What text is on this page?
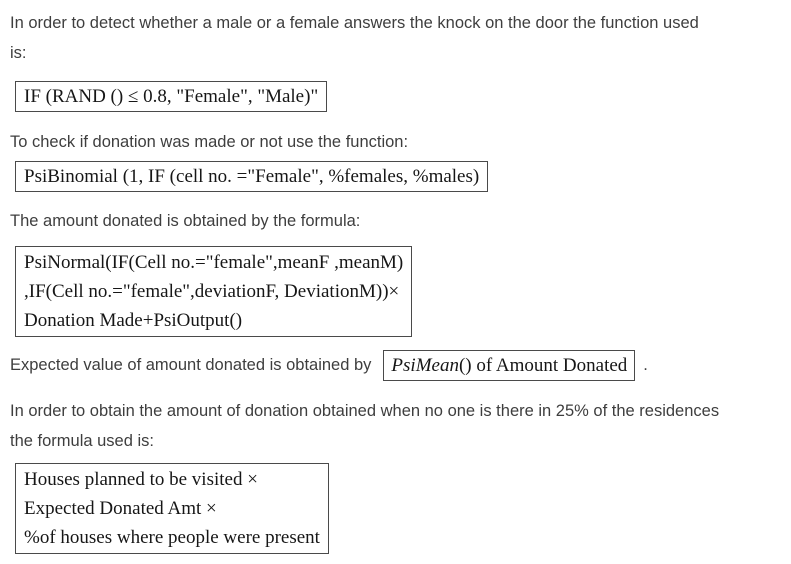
In order to detect whether a male or a female answers the knock on the door the function used
is:

IF (RAND () ≤ 0.8, "Female", "Male)"

To check if donation was made or not use the function:

PsiBinomial (1, IF (cell no. ="Female", %females, %males)

The amount donated is obtained by the formula:

PsiNormal(IF(Cell no.="female",meanF ,meanM)
,IF(Cell no.="female",deviationF, DeviationM))×
Donation Made+PsiOutput()

Expected value of amount donated is obtained by PsiMean() of Amount Donated .

In order to obtain the amount of donation obtained when no one is there in 25% of the residences
the formula used is:

Houses planned to be visited ×
Expected Donated Amt ×
%of houses where people were present
